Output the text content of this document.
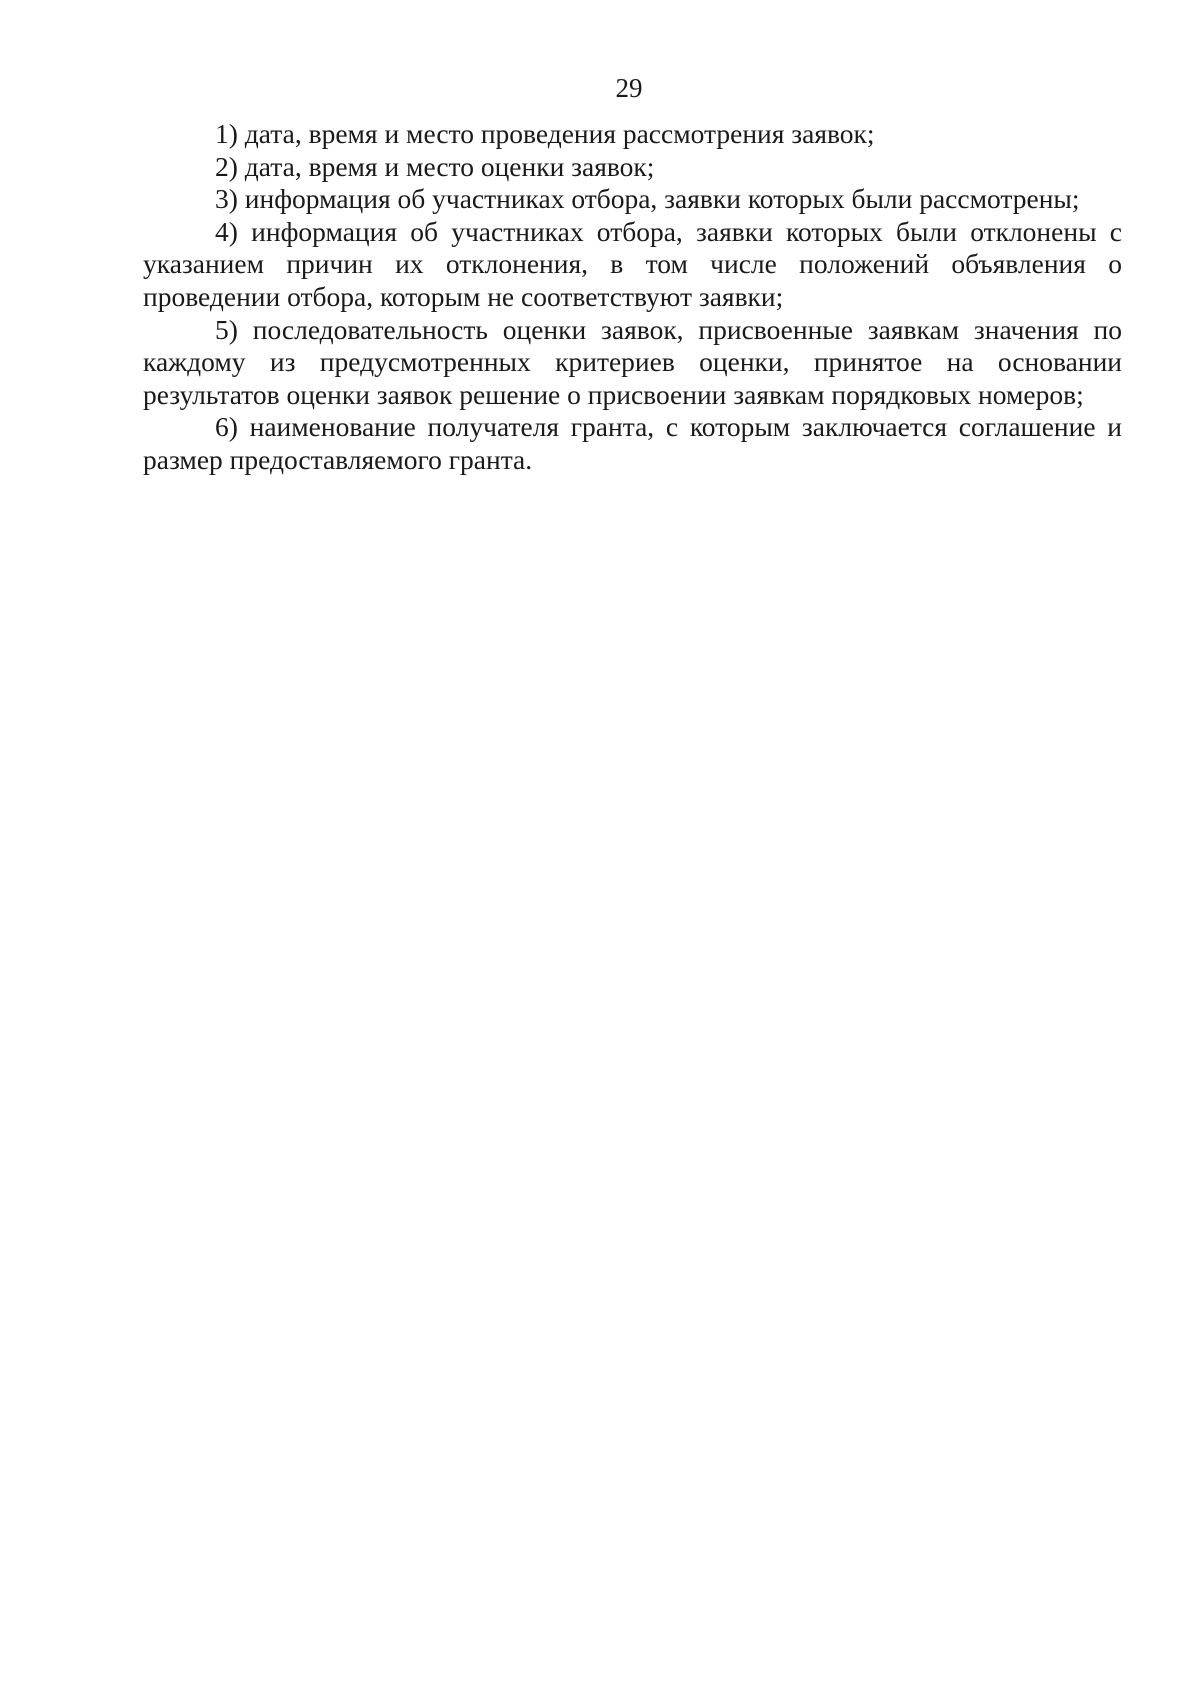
29

1) дата, время и место проведения рассмотрения заявок;

2) дата, время и место оценки заявок;

3) информация об участниках отбора, заявки которых были рассмотрены;

4) информация об участниках отбора, заявки которых были отклонены с указанием причин их отклонения, в том числе положений объявления о проведении отбора, которым не соответствуют заявки;

5) последовательность оценки заявок, присвоенные заявкам значения по каждому из предусмотренных критериев оценки, принятое на основании результатов оценки заявок решение о присвоении заявкам порядковых номеров;

6) наименование получателя гранта, с которым заключается соглашение и размер предоставляемого гранта.
